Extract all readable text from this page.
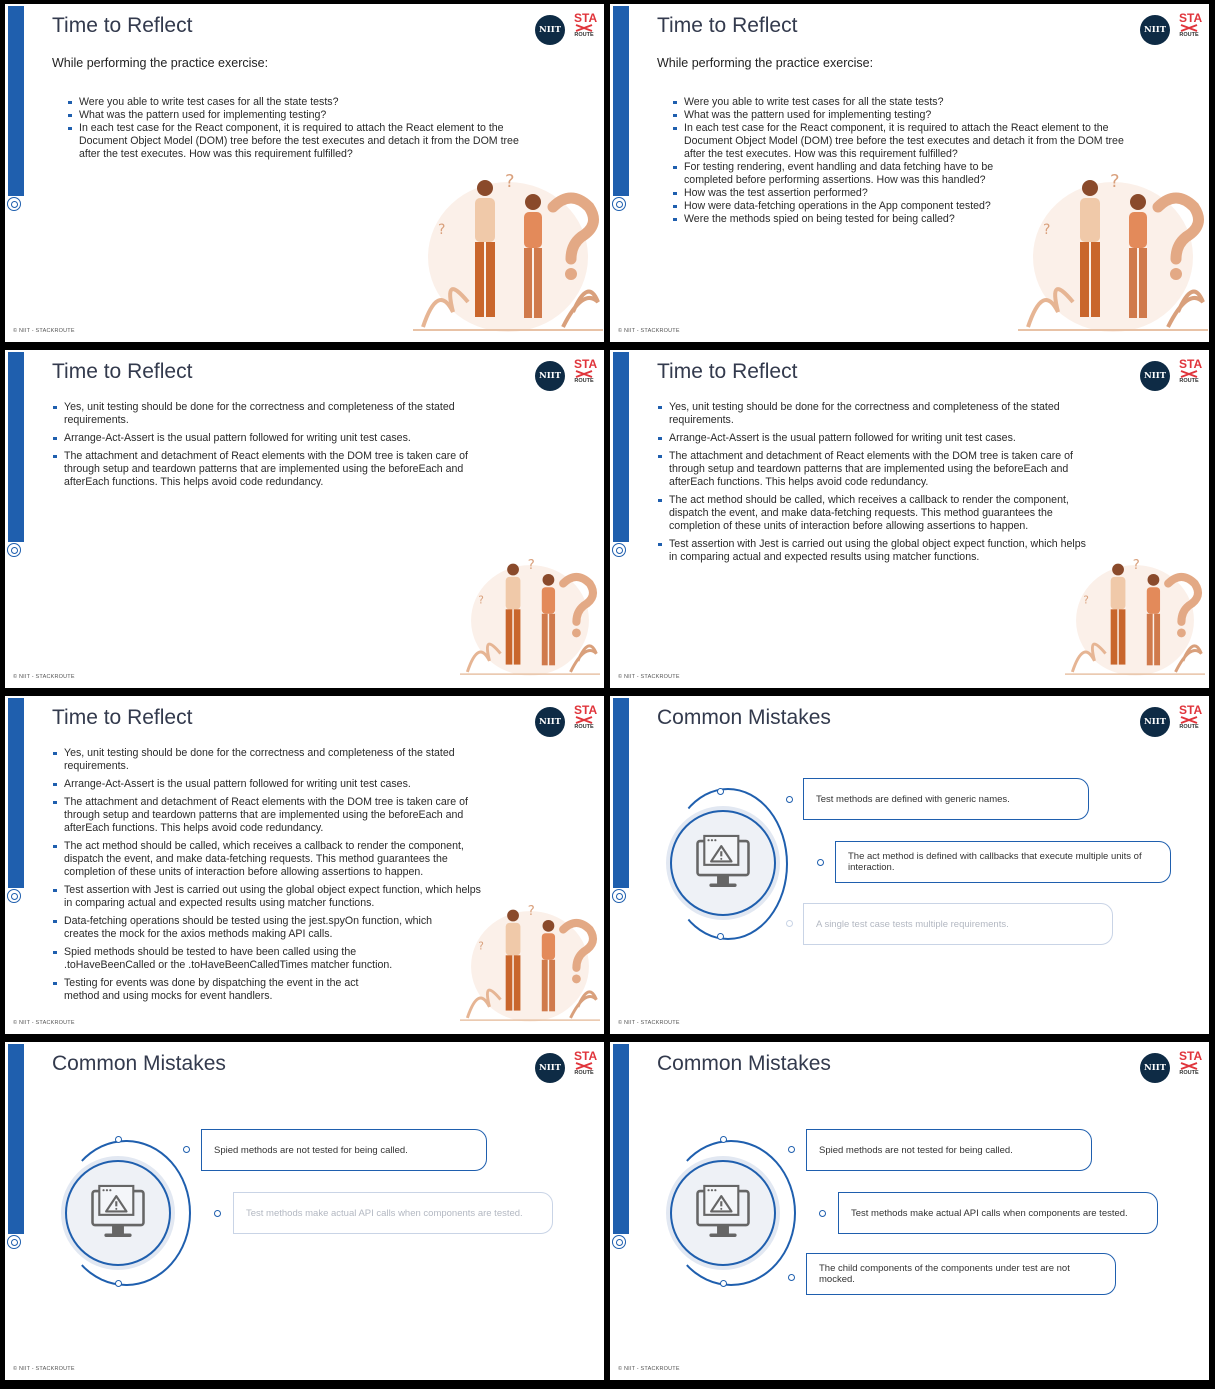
Time to Reflect	NIIT
STA
ROUTE
While performing the practice exercise:
Were you able to write test cases for all the state tests?
What was the pattern used for implementing testing?
In each test case for the React component, it is required to attach the React element to the Document Object Model (DOM) tree before the test executes and detach it from the DOM tree after the test executes. How was this requirement fulfilled?
© NIIT - STACKROUTE
Time to Reflect	NIIT
STA
ROUTE
While performing the practice exercise:
Were you able to write test cases for all the state tests?
What was the pattern used for implementing testing?
In each test case for the React component, it is required to attach the React element to the Document Object Model (DOM) tree before the test executes and detach it from the DOM tree after the test executes. How was this requirement fulfilled?
For testing rendering, event handling and data fetching have to be completed before performing assertions. How was this handled?
How was the test assertion performed?
How were data-fetching operations in the App component tested?
Were the methods spied on being tested for being called?
© NIIT - STACKROUTE
Time to Reflect	NIIT
STA
ROUTE
Yes, unit testing should be done for the correctness and completeness of the stated requirements.
Arrange-Act-Assert is the usual pattern followed for writing unit test cases.
The attachment and detachment of React elements with the DOM tree is taken care of through setup and teardown patterns that are implemented using the beforeEach and afterEach functions. This helps avoid code redundancy.
© NIIT - STACKROUTE
Time to Reflect	NIIT
STA
ROUTE
Yes, unit testing should be done for the correctness and completeness of the stated requirements.
Arrange-Act-Assert is the usual pattern followed for writing unit test cases.
The attachment and detachment of React elements with the DOM tree is taken care of through setup and teardown patterns that are implemented using the beforeEach and afterEach functions. This helps avoid code redundancy.
The act method should be called, which receives a callback to render the component, dispatch the event, and make data-fetching requests. This method guarantees the completion of these units of interaction before allowing assertions to happen.
Test assertion with Jest is carried out using the global object expect function, which helps in comparing actual and expected results using matcher functions.
© NIIT - STACKROUTE
Time to Reflect	NIIT
STA
ROUTE
Yes, unit testing should be done for the correctness and completeness of the stated requirements.
Arrange-Act-Assert is the usual pattern followed for writing unit test cases.
The attachment and detachment of React elements with the DOM tree is taken care of through setup and teardown patterns that are implemented using the beforeEach and afterEach functions. This helps avoid code redundancy.
The act method should be called, which receives a callback to render the component, dispatch the event, and make data-fetching requests. This method guarantees the completion of these units of interaction before allowing assertions to happen.
Test assertion with Jest is carried out using the global object expect function, which helps in comparing actual and expected results using matcher functions.
Data-fetching operations should be tested using the jest.spyOn function, which creates the mock for the axios methods making API calls.
Spied methods should be tested to have been called using the .toHaveBeenCalled or the .toHaveBeenCalledTimes matcher function.
Testing for events was done by dispatching the event in the act method and using mocks for event handlers.
© NIIT - STACKROUTE
Common Mistakes	NIIT
STA
ROUTE
Test methods are defined with generic names.
The act method is defined with callbacks that execute multiple units of interaction.
A single test case tests multiple requirements.
© NIIT - STACKROUTE
Common Mistakes	NIIT
STA
ROUTE
Spied methods are not tested for being called.
Test methods make actual API calls when components are tested.
© NIIT - STACKROUTE
Common Mistakes	NIIT
STA
ROUTE
Spied methods are not tested for being called.
Test methods make actual API calls when components are tested.
The child components of the components under test are not mocked.
© NIIT - STACKROUTE
